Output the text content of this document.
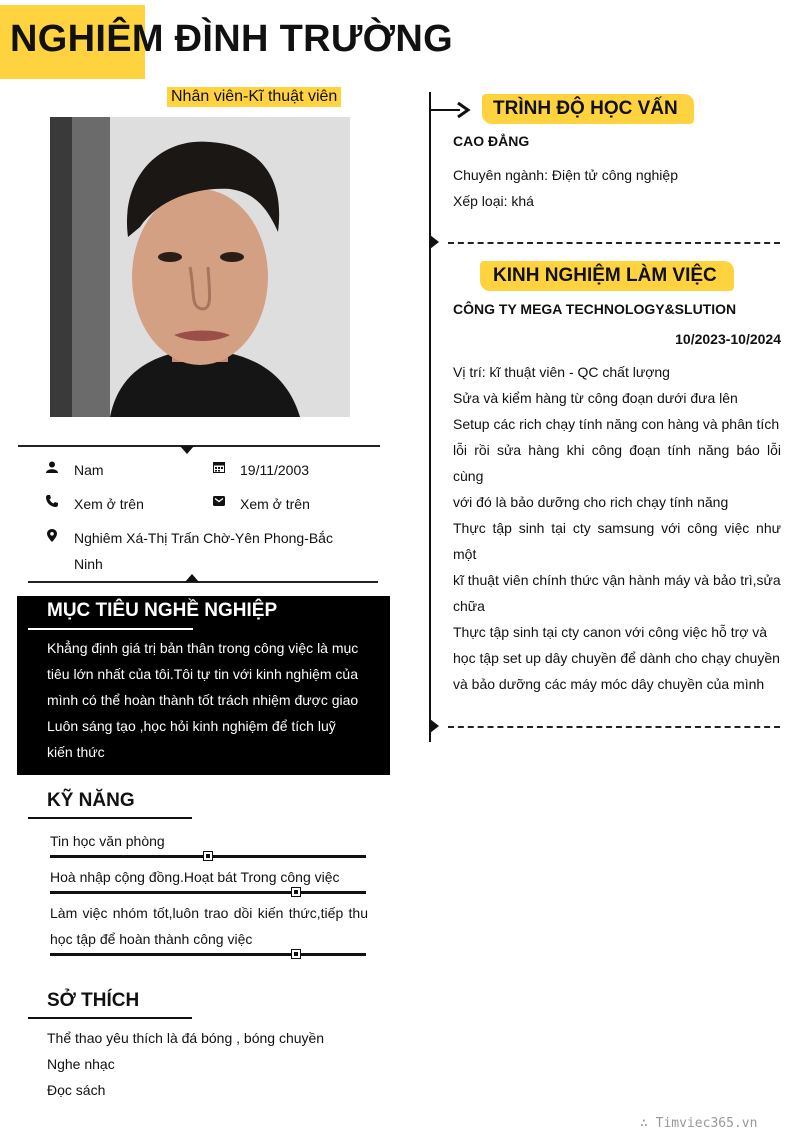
NGHIÊM ĐÌNH TRƯỜNG
Nhân viên-Kĩ thuật viên
Nam	19/11/2003
Xem ở trên	Xem ở trên
Nghiêm Xá-Thị Trấn Chờ-Yên Phong-Bắc
Ninh
MỤC TIÊU NGHỀ NGHIỆP
Khẳng định giá trị bản thân trong công việc là mục
tiêu lớn nhất của tôi.Tôi tự tin với kinh nghiệm của
mình có thể hoàn thành tốt trách nhiệm được giao
Luôn sáng tạo ,học hỏi kinh nghiệm để tích luỹ
kiến thức
KỸ NĂNG
Tin học văn phòng
Hoà nhập cộng đồng.Hoạt bát Trong công việc
Làm việc nhóm tốt,luôn trao dồi kiến thức,tiếp thu học tập để hoàn thành công việc
SỞ THÍCH
Thể thao yêu thích là đá bóng , bóng chuyền
Nghe nhạc
Đọc sách
TRÌNH ĐỘ HỌC VẤN
CAO ĐẲNG
Chuyên ngành: Điện tử công nghiệp
Xếp loại: khá
KINH NGHIỆM LÀM VIỆC
CÔNG TY MEGA TECHNOLOGY&SLUTION
10/2023-10/2024
Vị trí: kĩ thuật viên - QC chất lượng
Sửa và kiểm hàng từ công đoạn dưới đưa lên
Setup các rich chạy tính năng con hàng và phân tích
lỗi rồi sửa hàng khi công đoạn tính năng báo lỗi cùng
với đó là bảo dưỡng cho rich chạy tính năng
Thực tập sinh tại cty samsung với công việc như một
kĩ thuật viên chính thức vận hành máy và bảo trì,sửa
chữa
Thực tập sinh tại cty canon với công việc hỗ trợ và
học tập set up dây chuyền để dành cho chạy chuyền
và bảo dưỡng các máy móc dây chuyền của mình
∴ Timviec365.vn
